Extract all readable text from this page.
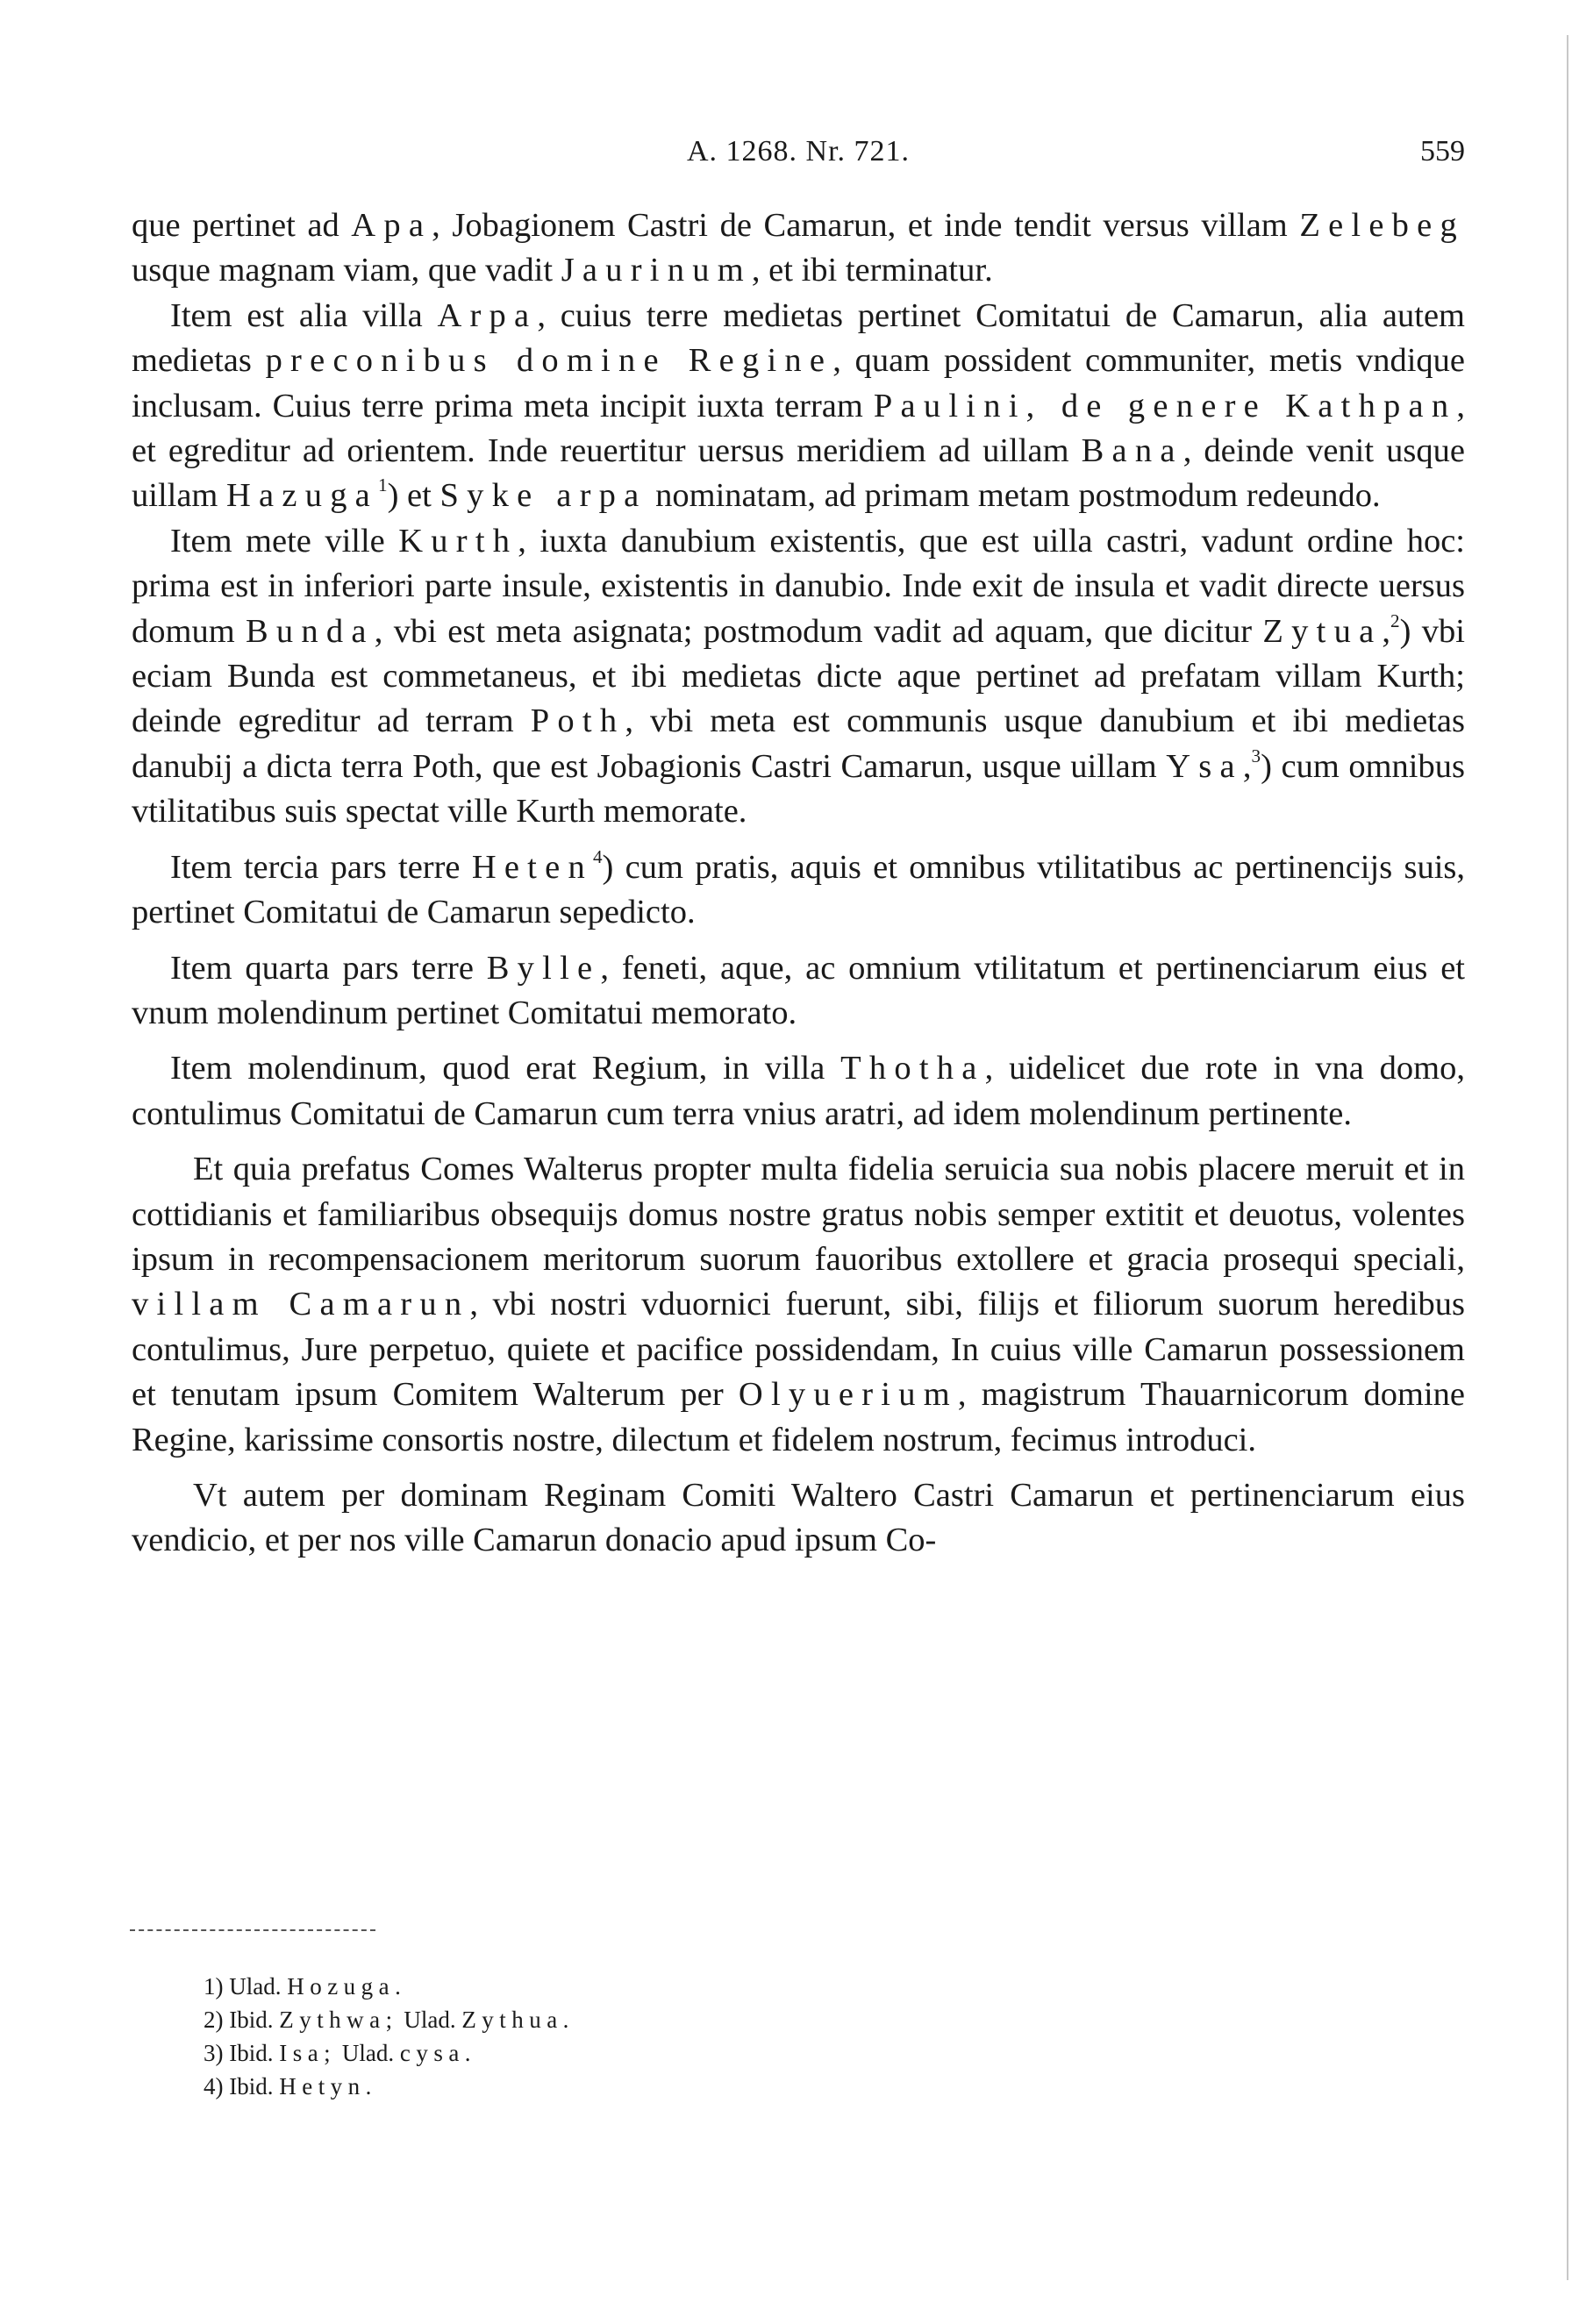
A. 1268. Nr. 721.	559

que pertinet ad Apa, Jobagionem Castri de Camarun, et inde tendit versus villam Zelebeg usque magnam viam, que vadit Jaurinum, et ibi terminatur.

Item est alia villa Arpa, cuius terre medietas pertinet Comitatui de Camarun, alia autem medietas preconibus domine Regine, quam possident communiter, metis vndique inclusam. Cuius terre prima meta incipit iuxta terram Paulini, de genere Kathpan, et egreditur ad orientem. Inde reuertitur uersus meridiem ad uillam Bana, deinde venit usque uillam Hazuga$^1$) et Syke arpa nominatam, ad primam metam postmodum redeundo.

Item mete ville Kurth, iuxta danubium existentis, que est uilla castri, vadunt ordine hoc: prima est in inferiori parte insule, existentis in danubio. Inde exit de insula et vadit directe uersus domum Bunda, vbi est meta asignata; postmodum vadit ad aquam, que dicitur Zytua,$^2$) vbi eciam Bunda est commetaneus, et ibi medietas dicte aque pertinet ad prefatam villam Kurth; deinde egreditur ad terram Poth, vbi meta est communis usque danubium et ibi medietas danubij a dicta terra Poth, que est Jobagionis Castri Camarun, usque uillam Ysa,$^3$) cum omnibus vtilitatibus suis spectat ville Kurth memorate.

Item tercia pars terre Heten$^4$) cum pratis, aquis et omnibus vtilitatibus ac pertinencijs suis, pertinet Comitatui de Camarun sepedicto.

Item quarta pars terre Bylle, feneti, aque, ac omnium vtilitatum et pertinenciarum eius et vnum molendinum pertinet Comitatui memorato.

Item molendinum, quod erat Regium, in villa Thotha, uidelicet due rote in vna domo, contulimus Comitatui de Camarun cum terra vnius aratri, ad idem molendinum pertinente.

Et quia prefatus Comes Walterus propter multa fidelia seruicia sua nobis placere meruit et in cottidianis et familiaribus obsequijs domus nostre gratus nobis semper extitit et deuotus, volentes ipsum in recompensacionem meritorum suorum fauoribus extollere et gracia prosequi speciali, villam Camarun, vbi nostri vduornici fuerunt, sibi, filijs et filiorum suorum heredibus contulimus, Jure perpetuo, quiete et pacifice possidendam, In cuius ville Camarun possessionem et tenutam ipsum Comitem Walterum per Olyuerium, magistrum Thauarnicorum domine Regine, karissime consortis nostre, dilectum et fidelem nostrum, fecimus introduci.

Vt autem per dominam Reginam Comiti Waltero Castri Camarun et pertinenciarum eius vendicio, et per nos ville Camarun donacio apud ipsum Co-

1) Ulad. Hozuga.
2) Ibid. Zythwa; Ulad. Zythua.
3) Ibid. Isa; Ulad. cysa.
4) Ibid. Hetyn.
